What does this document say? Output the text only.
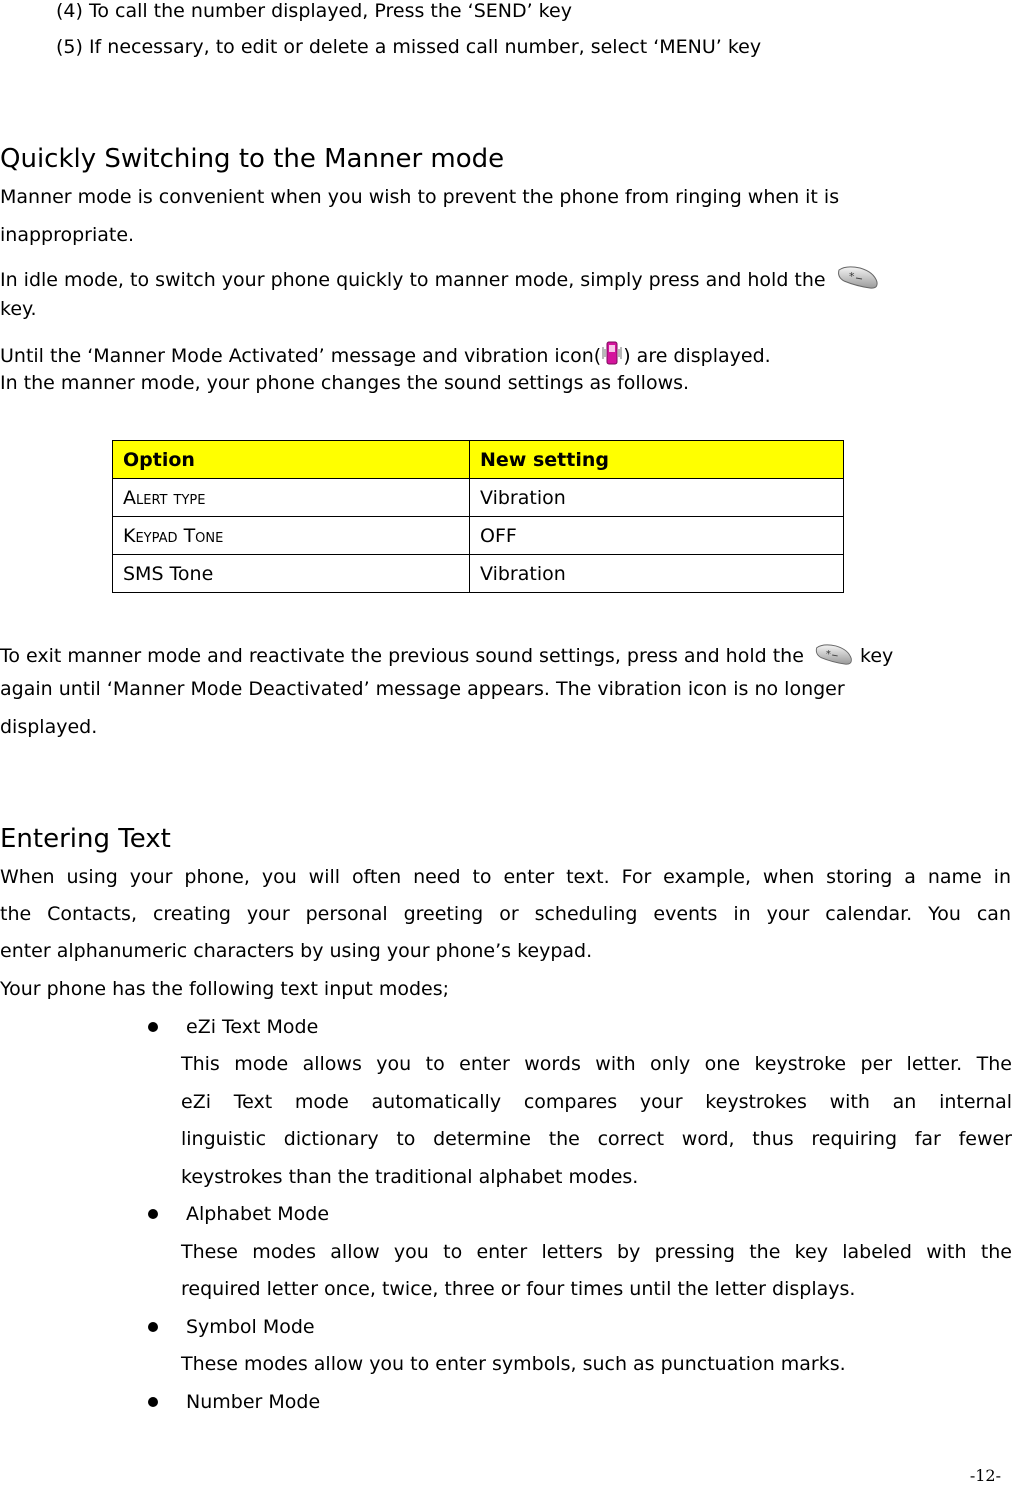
(4) To call the number displayed, Press the ‘SEND’ key
(5) If necessary, to edit or delete a missed call number, select ‘MENU’ key
Quickly Switching to the Manner mode
Manner mode is convenient when you wish to prevent the phone from ringing when it is
inappropriate.
In idle mode, to switch your phone quickly to manner mode, simply press and hold the *
key.
Until the ‘Manner Mode Activated’ message and vibration icon( ) are displayed.
In the manner mode, your phone changes the sound settings as follows.
Option	New setting
Alert type	Vibration
Keypad Tone	OFF
SMS Tone	Vibration
To exit manner mode and reactivate the previous sound settings, press and hold the * key
again until ‘Manner Mode Deactivated’ message appears. The vibration icon is no longer
displayed.
Entering Text
When using your phone, you will often need to enter text. For example, when storing a name in
the Contacts, creating your personal greeting or scheduling events in your calendar. You can
enter alphanumeric characters by using your phone’s keypad.
Your phone has the following text input modes;
eZi Text Mode
This mode allows you to enter words with only one keystroke per letter. The
eZi Text mode automatically compares your keystrokes with an internal
linguistic dictionary to determine the correct word, thus requiring far fewer
keystrokes than the traditional alphabet modes.
Alphabet Mode
These modes allow you to enter letters by pressing the key labeled with the
required letter once, twice, three or four times until the letter displays.
Symbol Mode
These modes allow you to enter symbols, such as punctuation marks.
Number Mode
-12-
